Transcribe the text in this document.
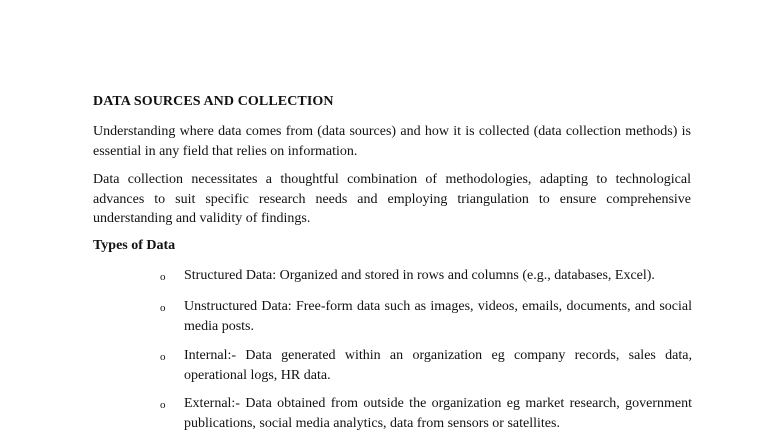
DATA SOURCES AND COLLECTION

Understanding where data comes from (data sources) and how it is collected (data collection methods) is essential in any field that relies on information.

Data collection necessitates a thoughtful combination of methodologies, adapting to technological advances to suit specific research needs and employing triangulation to ensure comprehensive understanding and validity of findings.

Types of Data
o Structured Data: Organized and stored in rows and columns (e.g., databases, Excel).

o Unstructured Data: Free-form data such as images, videos, emails, documents, and social media posts.

o Internal:- Data generated within an organization eg company records, sales data, operational logs, HR data.

o External:- Data obtained from outside the organization eg market research, government publications, social media analytics, data from sensors or satellites.
